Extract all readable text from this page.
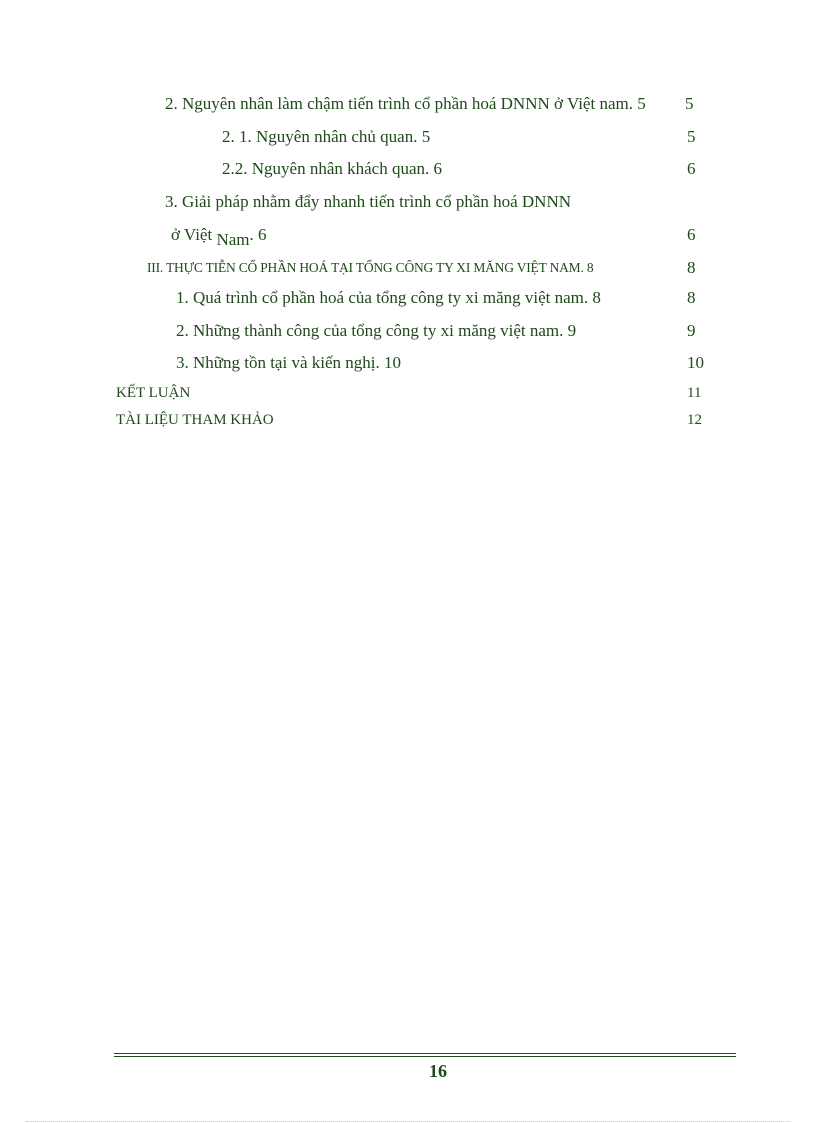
2. Nguyên nhân làm chậm tiến trình cổ phần hoá DNNN ở Việt nam. 5 5
2. 1. Nguyên nhân chủ quan. 5	5
2.2. Nguyên nhân khách quan. 6	6
3. Giải pháp nhằm đẩy nhanh tiến trình cổ phần hoá DNNN
ở Việt Nam. 6	6
III. THỰC TIỄN CỔ PHẦN HOÁ TẠI TỔNG CÔNG TY XI MĂNG VIỆT NAM. 8	8
1. Quá trình cổ phần hoá của tổng công ty xi măng việt nam. 8	8
2. Những thành công của tổng công ty xi măng việt nam. 9	9
3. Những tồn tại và kiến nghị. 10	10
KẾT LUẬN	11
TÀI LIỆU THAM KHẢO	12
16
